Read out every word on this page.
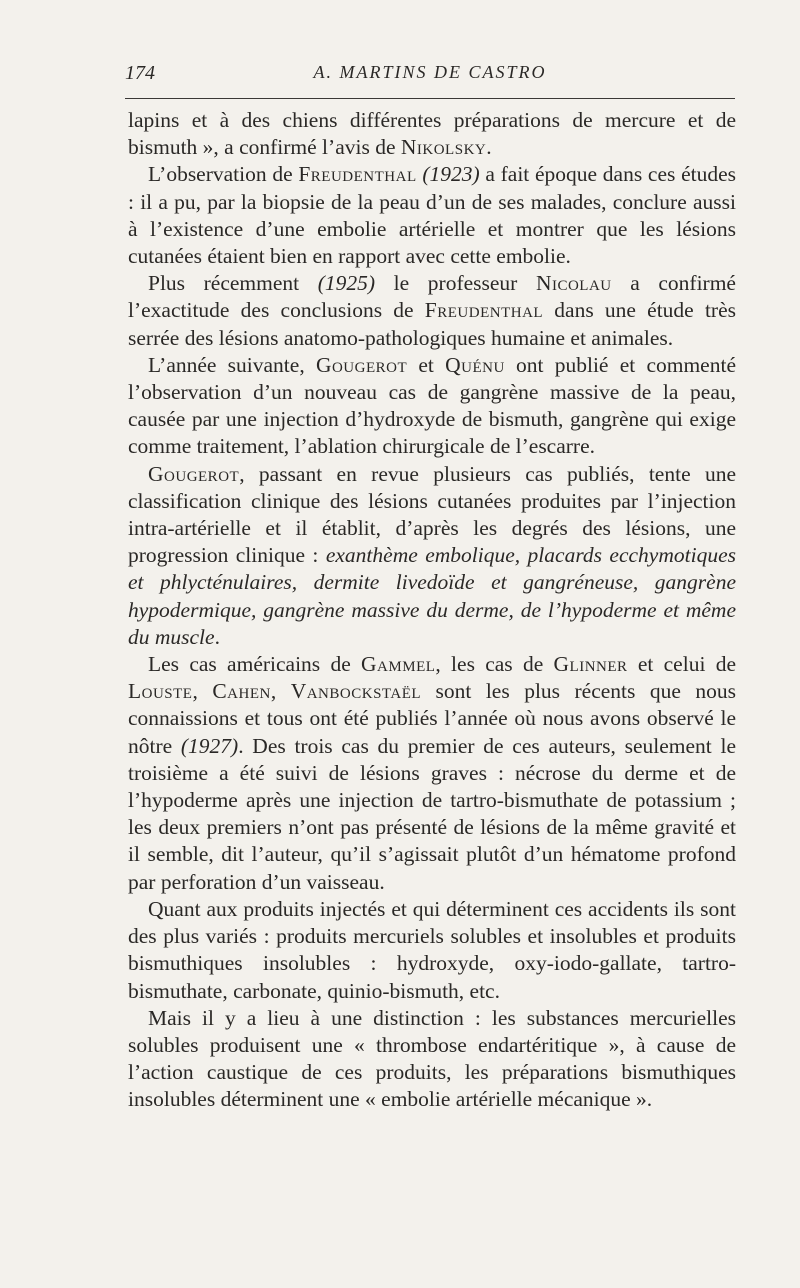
174	A. MARTINS DE CASTRO

lapins et à des chiens différentes préparations de mercure et de bismuth », a confirmé l’avis de Nikolsky.

L’observation de Freudenthal (1923) a fait époque dans ces études : il a pu, par la biopsie de la peau d’un de ses malades, conclure aussi à l’existence d’une embolie artérielle et montrer que les lésions cutanées étaient bien en rapport avec cette embolie.

Plus récemment (1925) le professeur Nicolau a confirmé l’exactitude des conclusions de Freudenthal dans une étude très serrée des lésions anatomo-pathologiques humaine et animales.

L’année suivante, Gougerot et Quénu ont publié et commenté l’observation d’un nouveau cas de gangrène massive de la peau, causée par une injection d’hydroxyde de bismuth, gangrène qui exige comme traitement, l’ablation chirurgicale de l’escarre.

Gougerot, passant en revue plusieurs cas publiés, tente une classification clinique des lésions cutanées produites par l’injection intra-artérielle et il établit, d’après les degrés des lésions, une progression clinique : exanthème embolique, placards ecchymotiques et phlycténulaires, dermite livedoïde et gangréneuse, gangrène hypodermique, gangrène massive du derme, de l’hypoderme et même du muscle.

Les cas américains de Gammel, les cas de Glinner et celui de Louste, Cahen, Vanbockstaël sont les plus récents que nous connaissions et tous ont été publiés l’année où nous avons observé le nôtre (1927). Des trois cas du premier de ces auteurs, seulement le troisième a été suivi de lésions graves : nécrose du derme et de l’hypoderme après une injection de tartro-bismuthate de potassium ; les deux premiers n’ont pas présenté de lésions de la même gravité et il semble, dit l’auteur, qu’il s’agissait plutôt d’un hématome profond par perforation d’un vaisseau.

Quant aux produits injectés et qui déterminent ces accidents ils sont des plus variés : produits mercuriels solubles et insolubles et produits bismuthiques insolubles : hydroxyde, oxy-iodo-gallate, tartro-bismuthate, carbonate, quinio-bismuth, etc.

Mais il y a lieu à une distinction : les substances mercurielles solubles produisent une « thrombose endartéritique », à cause de l’action caustique de ces produits, les préparations bismuthiques insolubles déterminent une « embolie artérielle mécanique ».
